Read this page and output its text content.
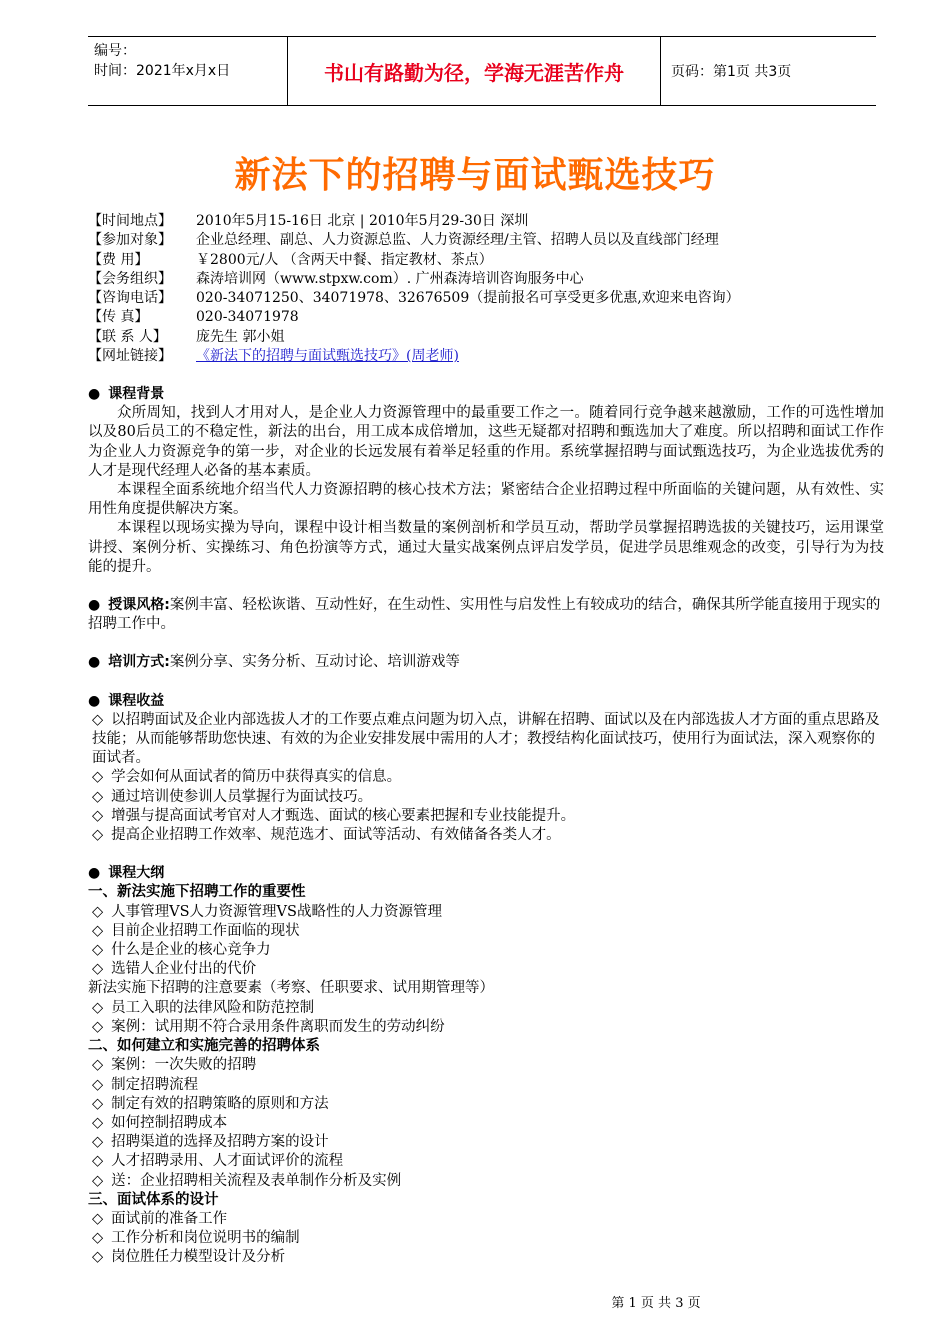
编号：
时间：2021年x月x日	书山有路勤为径，学海无涯苦作舟	页码：第1页 共3页
新法下的招聘与面试甄选技巧
【时间地点】	2010年5月15-16日 北京 | 2010年5月29-30日 深圳
【参加对象】	企业总经理、副总、人力资源总监、人力资源经理/主管、招聘人员以及直线部门经理
【费 用】	￥2800元/人 （含两天中餐、指定教材、茶点）
【会务组织】	森涛培训网（www.stpxw.com）. 广州森涛培训咨询服务中心
【咨询电话】	020-34071250、34071978、32676509（提前报名可享受更多优惠,欢迎来电咨询）
【传 真】	020-34071978
【联 系 人】	庞先生 郭小姐
【网址链接】	《新法下的招聘与面试甄选技巧》(周老师)
● 课程背景
众所周知，找到人才用对人，是企业人力资源管理中的最重要工作之一。随着同行竞争越来越激励，工作的可选性增加以及80后员工的不稳定性，新法的出台，用工成本成倍增加，这些无疑都对招聘和甄选加大了难度。所以招聘和面试工作作为企业人力资源竞争的第一步，对企业的长远发展有着举足轻重的作用。系统掌握招聘与面试甄选技巧，为企业选拔优秀的人才是现代经理人必备的基本素质。
本课程全面系统地介绍当代人力资源招聘的核心技术方法；紧密结合企业招聘过程中所面临的关键问题，从有效性、实用性角度提供解决方案。
本课程以现场实操为导向，课程中设计相当数量的案例剖析和学员互动，帮助学员掌握招聘选拔的关键技巧，运用课堂讲授、案例分析、实操练习、角色扮演等方式，通过大量实战案例点评启发学员，促进学员思维观念的改变，引导行为为技能的提升。
● 授课风格:案例丰富、轻松诙谐、互动性好，在生动性、实用性与启发性上有较成功的结合，确保其所学能直接用于现实的招聘工作中。
● 培训方式:案例分享、实务分析、互动讨论、培训游戏等
● 课程收益
◇ 以招聘面试及企业内部选拔人才的工作要点难点问题为切入点，讲解在招聘、面试以及在内部选拔人才方面的重点思路及技能；从而能够帮助您快速、有效的为企业安排发展中需用的人才；教授结构化面试技巧，使用行为面试法，深入观察你的面试者。
◇ 学会如何从面试者的简历中获得真实的信息。
◇ 通过培训使参训人员掌握行为面试技巧。
◇ 增强与提高面试考官对人才甄选、面试的核心要素把握和专业技能提升。
◇ 提高企业招聘工作效率、规范选才、面试等活动、有效储备各类人才。
● 课程大纲
一、新法实施下招聘工作的重要性
◇ 人事管理VS人力资源管理VS战略性的人力资源管理
◇ 目前企业招聘工作面临的现状
◇ 什么是企业的核心竞争力
◇ 选错人企业付出的代价
新法实施下招聘的注意要素（考察、任职要求、试用期管理等）
◇ 员工入职的法律风险和防范控制
◇ 案例：试用期不符合录用条件离职而发生的劳动纠纷
二、如何建立和实施完善的招聘体系
◇ 案例：一次失败的招聘
◇ 制定招聘流程
◇ 制定有效的招聘策略的原则和方法
◇ 如何控制招聘成本
◇ 招聘渠道的选择及招聘方案的设计
◇ 人才招聘录用、人才面试评价的流程
◇ 送：企业招聘相关流程及表单制作分析及实例
三、面试体系的设计
◇ 面试前的准备工作
◇ 工作分析和岗位说明书的编制
◇ 岗位胜任力模型设计及分析
第 1 页 共 3 页
